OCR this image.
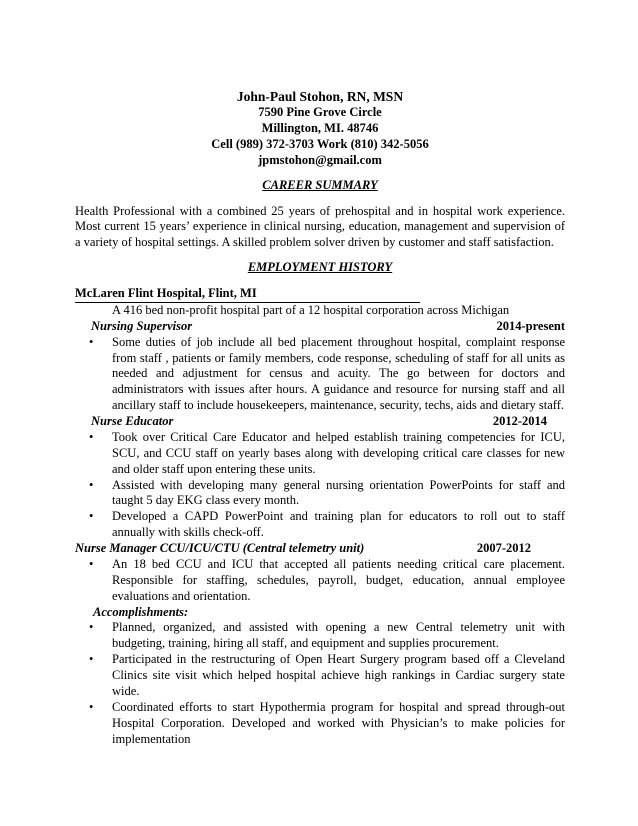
John-Paul Stohon, RN, MSN
7590 Pine Grove Circle
Millington, MI. 48746
Cell (989) 372-3703 Work (810) 342-5056
jpmstohon@gmail.com
CAREER SUMMARY

Health Professional with a combined 25 years of prehospital and in hospital work experience. Most current 15 years’ experience in clinical nursing, education, management and supervision of a variety of hospital settings. A skilled problem solver driven by customer and staff satisfaction.

EMPLOYMENT HISTORY
McLaren Flint Hospital, Flint, MI
A 416 bed non-profit hospital part of a 12 hospital corporation across Michigan
Nursing Supervisor	2014-present
• Some duties of job include all bed placement throughout hospital, complaint response from staff , patients or family members, code response, scheduling of staff for all units as needed and adjustment for census and acuity. The go between for doctors and administrators with issues after hours. A guidance and resource for nursing staff and all ancillary staff to include housekeepers, maintenance, security, techs, aids and dietary staff.
Nurse Educator	2012-2014
• Took over Critical Care Educator and helped establish training competencies for ICU, SCU, and CCU staff on yearly bases along with developing critical care classes for new and older staff upon entering these units.
• Assisted with developing many general nursing orientation PowerPoints for staff and taught 5 day EKG class every month.
• Developed a CAPD PowerPoint and training plan for educators to roll out to staff annually with skills check-off.
Nurse Manager CCU/ICU/CTU (Central telemetry unit)	2007-2012
• An 18 bed CCU and ICU that accepted all patients needing critical care placement. Responsible for staffing, schedules, payroll, budget, education, annual employee evaluations and orientation.
Accomplishments:
• Planned, organized, and assisted with opening a new Central telemetry unit with budgeting, training, hiring all staff, and equipment and supplies procurement.
• Participated in the restructuring of Open Heart Surgery program based off a Cleveland Clinics site visit which helped hospital achieve high rankings in Cardiac surgery state wide.
• Coordinated efforts to start Hypothermia program for hospital and spread through-out Hospital Corporation. Developed and worked with Physician’s to make policies for implementation
